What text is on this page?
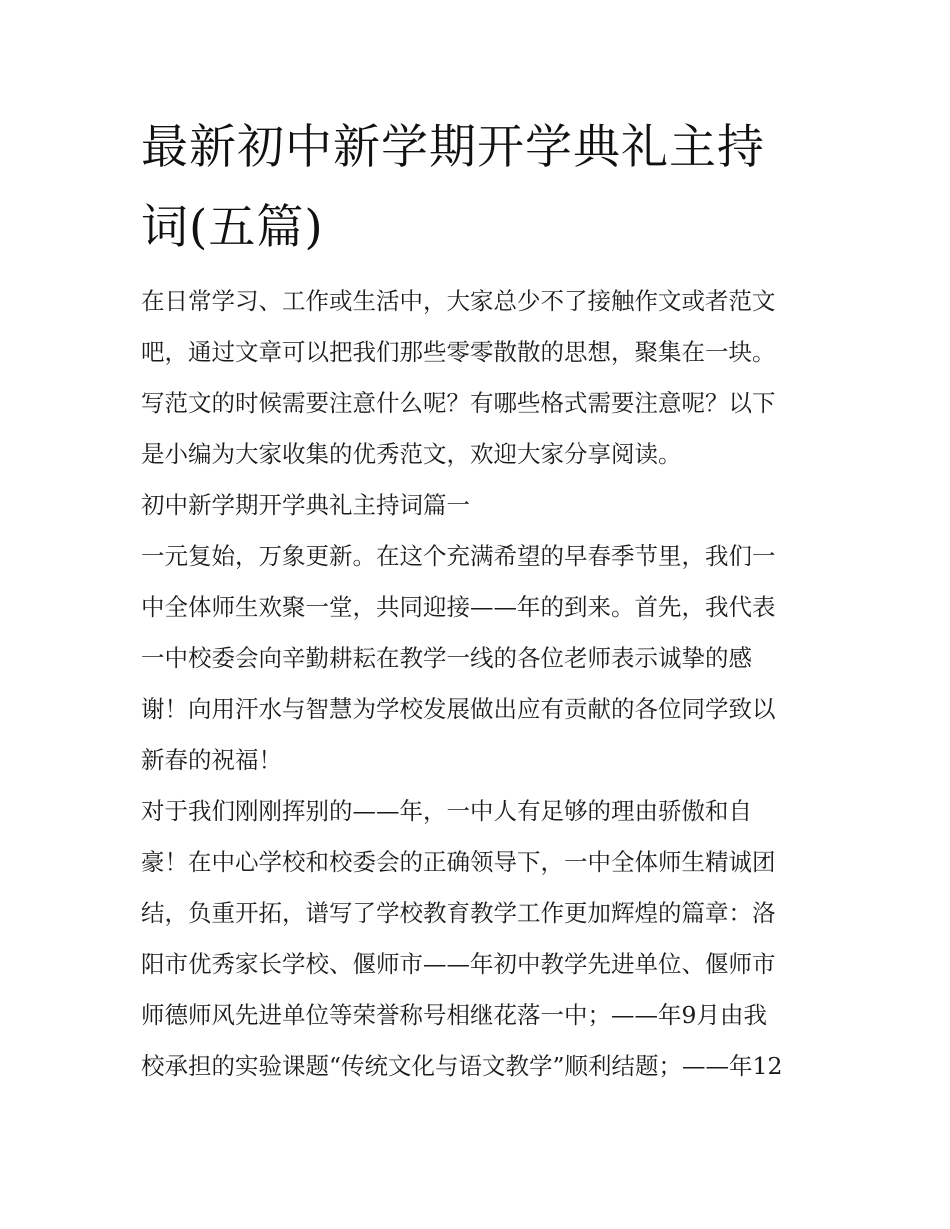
最新初中新学期开学典礼主持
词(五篇)

在日常学习、工作或生活中，大家总少不了接触作文或者范文

吧，通过文章可以把我们那些零零散散的思想，聚集在一块。

写范文的时候需要注意什么呢？有哪些格式需要注意呢？以下

是小编为大家收集的优秀范文，欢迎大家分享阅读。

初中新学期开学典礼主持词篇一

一元复始，万象更新。在这个充满希望的早春季节里，我们一

中全体师生欢聚一堂，共同迎接——年的到来。首先，我代表

一中校委会向辛勤耕耘在教学一线的各位老师表示诚挚的感

谢！向用汗水与智慧为学校发展做出应有贡献的各位同学致以

新春的祝福！

对于我们刚刚挥别的——年，一中人有足够的理由骄傲和自

豪！在中心学校和校委会的正确领导下，一中全体师生精诚团

结，负重开拓，谱写了学校教育教学工作更加辉煌的篇章：洛

阳市优秀家长学校、偃师市——年初中教学先进单位、偃师市

师德师风先进单位等荣誉称号相继花落一中；——年9月由我

校承担的实验课题“传统文化与语文教学”顺利结题；——年12
